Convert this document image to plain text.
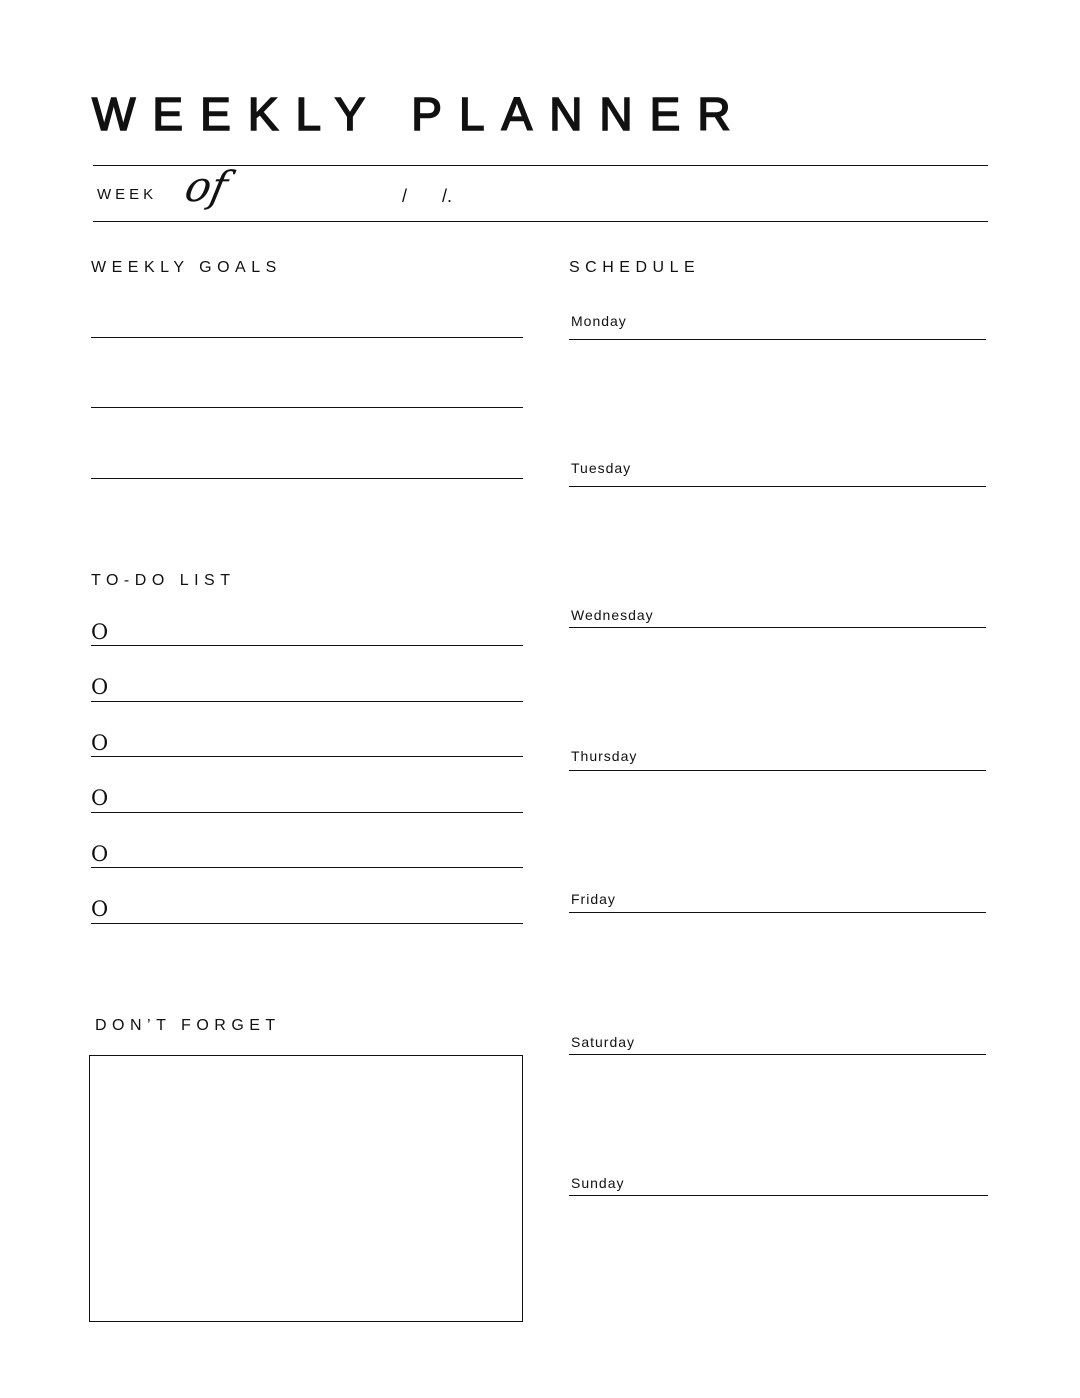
WEEKLY PLANNER
WEEK of	/ /.
WEEKLY GOALS
TO-DO LIST
O
O
O
O
O
O
DON’T FORGET
SCHEDULE
Monday
Tuesday
Wednesday
Thursday
Friday
Saturday
Sunday
